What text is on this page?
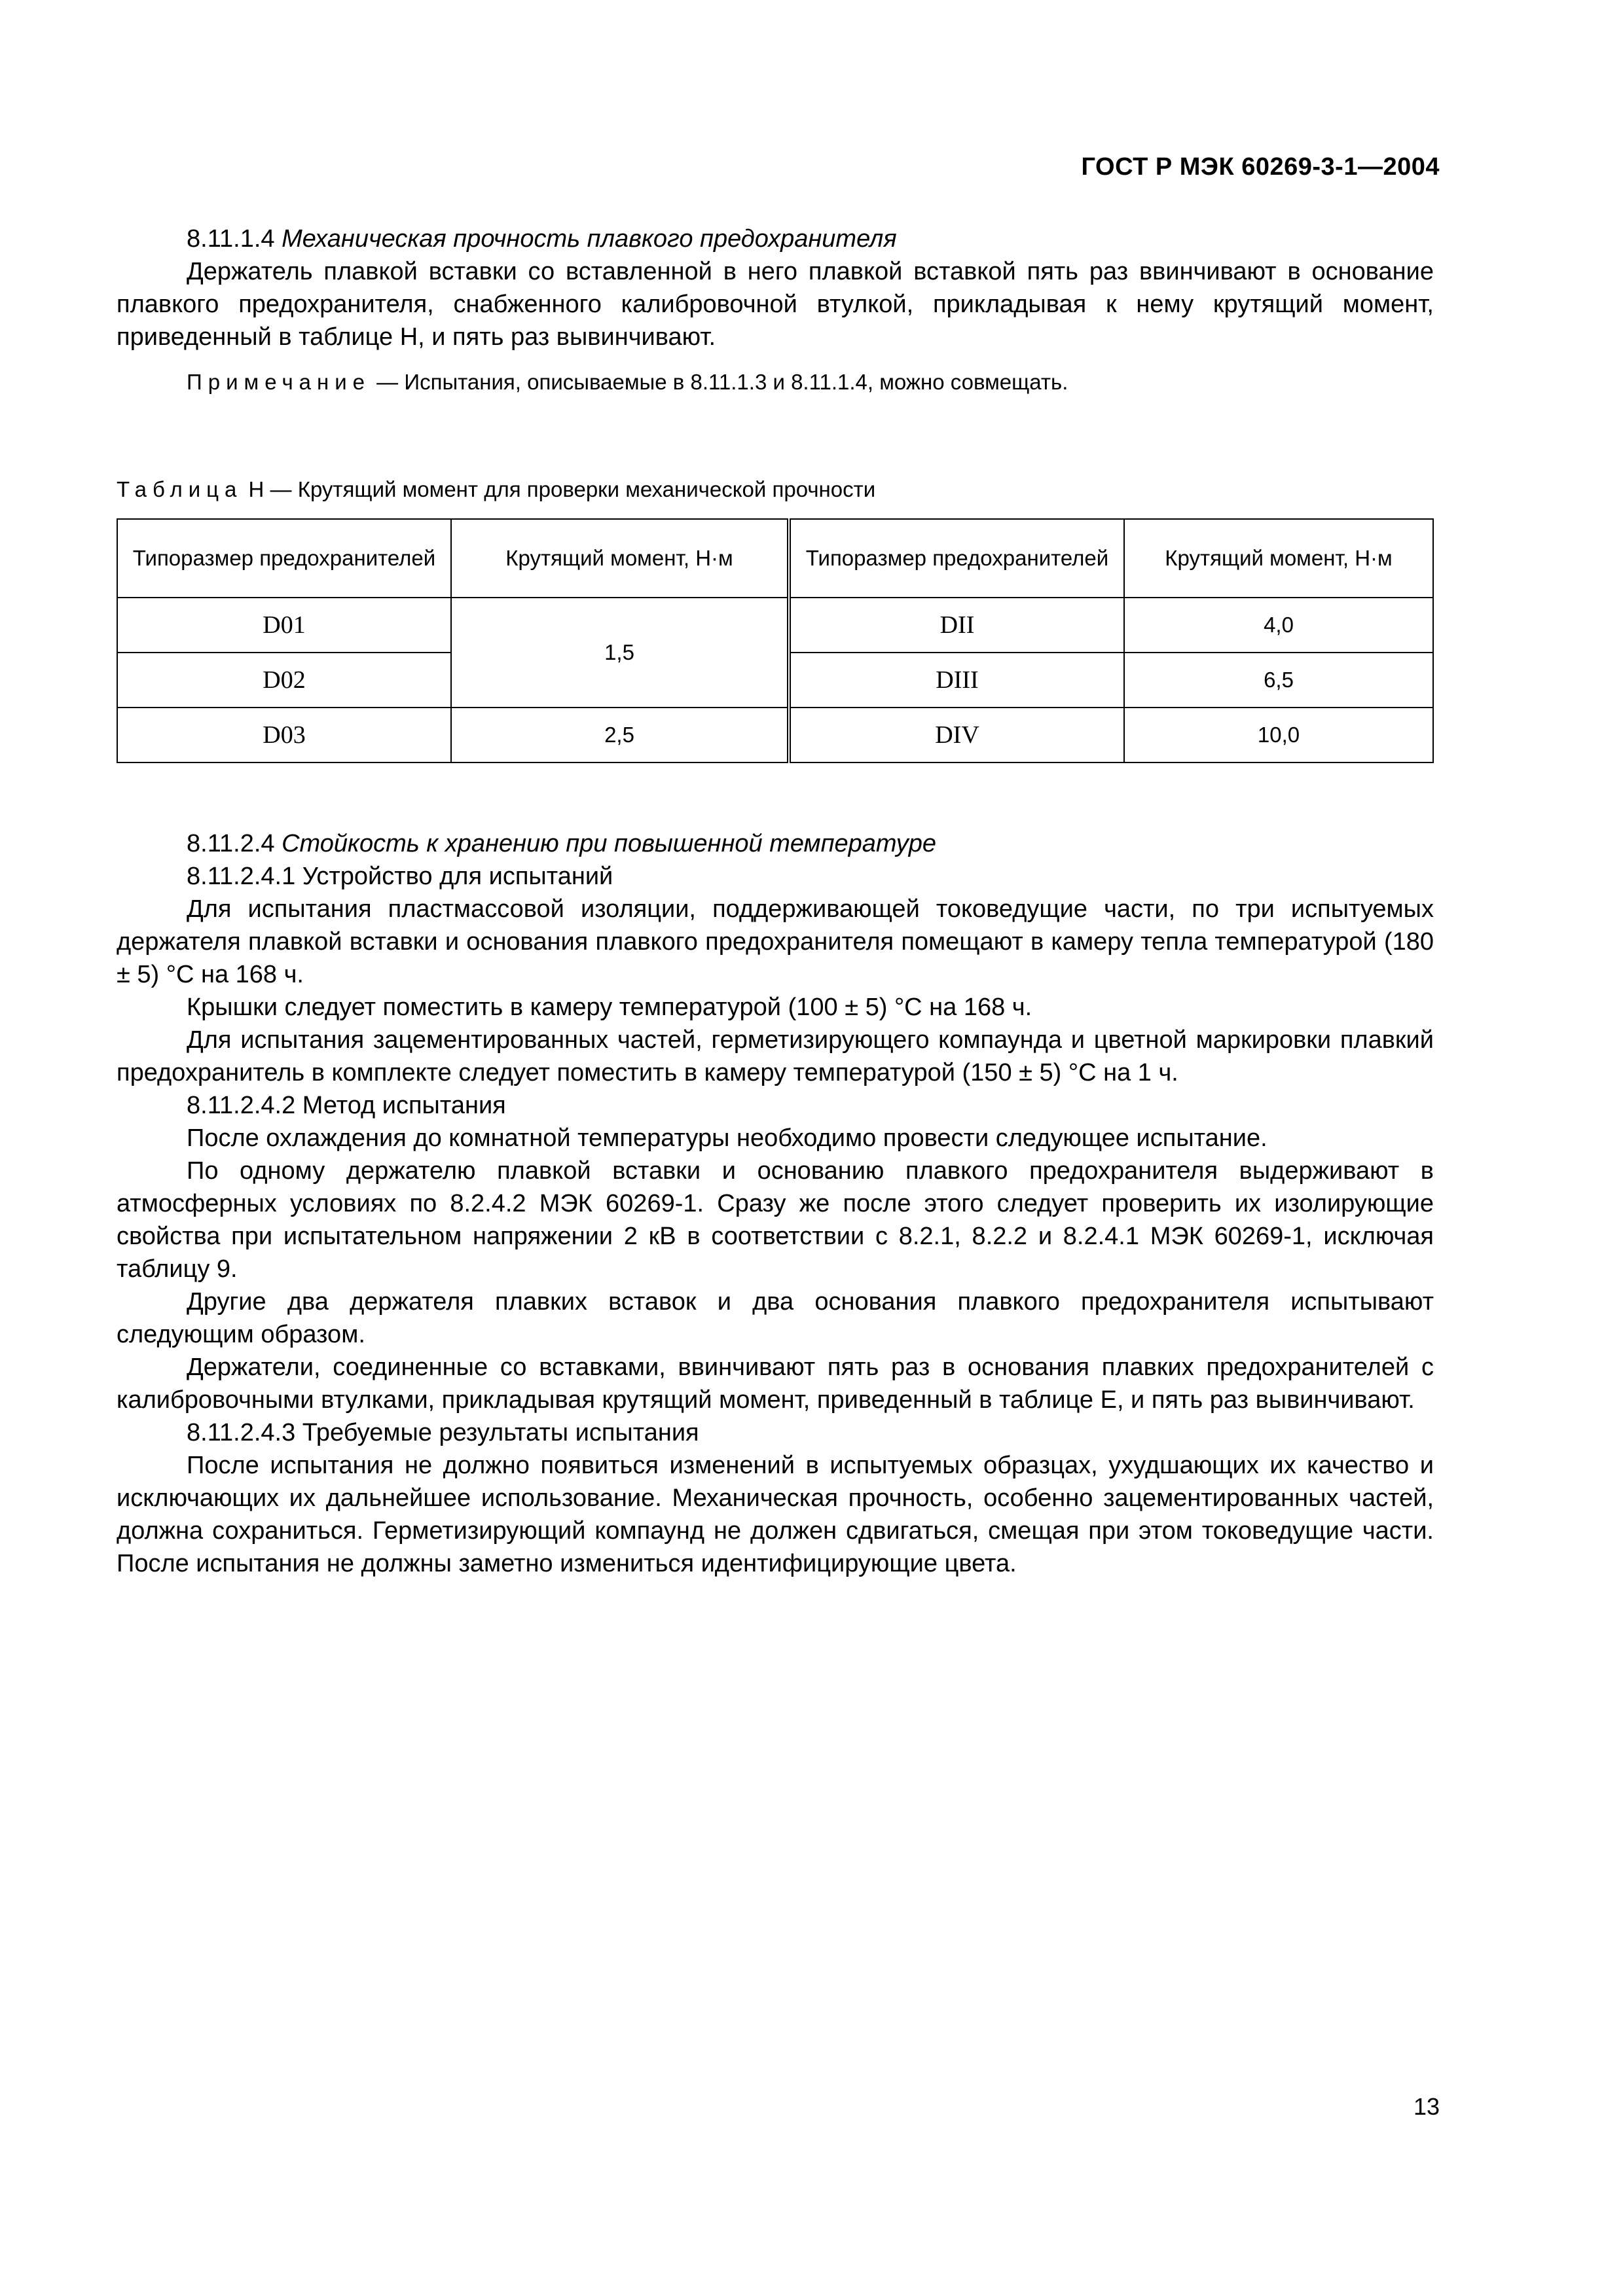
ГОСТ Р МЭК 60269-3-1—2004

8.11.1.4 Механическая прочность плавкого предохранителя

Держатель плавкой вставки со вставленной в него плавкой вставкой пять раз ввинчивают в основание плавкого предохранителя, снабженного калибровочной втулкой, прикладывая к нему крутящий момент, приведенный в таблице Н, и пять раз вывинчивают.

Примечание — Испытания, описываемые в 8.11.1.3 и 8.11.1.4, можно совмещать.

Таблица Н — Крутящий момент для проверки механической прочности

Типоразмер предохранителей	Крутящий момент, Н·м	Типоразмер предохранителей	Крутящий момент, Н·м
D01	1,5	DII	4,0
D02		DIII	6,5
D03	2,5	DIV	10,0

8.11.2.4 Стойкость к хранению при повышенной температуре

8.11.2.4.1 Устройство для испытаний

Для испытания пластмассовой изоляции, поддерживающей токоведущие части, по три испытуемых держателя плавкой вставки и основания плавкого предохранителя помещают в камеру тепла температурой (180 ± 5) °С на 168 ч.

Крышки следует поместить в камеру температурой (100 ± 5) °С на 168 ч.

Для испытания зацементированных частей, герметизирующего компаунда и цветной маркировки плавкий предохранитель в комплекте следует поместить в камеру температурой (150 ± 5) °С на 1 ч.

8.11.2.4.2 Метод испытания

После охлаждения до комнатной температуры необходимо провести следующее испытание.

По одному держателю плавкой вставки и основанию плавкого предохранителя выдерживают в атмосферных условиях по 8.2.4.2 МЭК 60269-1. Сразу же после этого следует проверить их изолирующие свойства при испытательном напряжении 2 кВ в соответствии с 8.2.1, 8.2.2 и 8.2.4.1 МЭК 60269-1, исключая таблицу 9.

Другие два держателя плавких вставок и два основания плавкого предохранителя испытывают следующим образом.

Держатели, соединенные со вставками, ввинчивают пять раз в основания плавких предохранителей с калибровочными втулками, прикладывая крутящий момент, приведенный в таблице Е, и пять раз вывинчивают.

8.11.2.4.3 Требуемые результаты испытания

После испытания не должно появиться изменений в испытуемых образцах, ухудшающих их качество и исключающих их дальнейшее использование. Механическая прочность, особенно зацементированных частей, должна сохраниться. Герметизирующий компаунд не должен сдвигаться, смещая при этом токоведущие части. После испытания не должны заметно измениться идентифицирующие цвета.

13
